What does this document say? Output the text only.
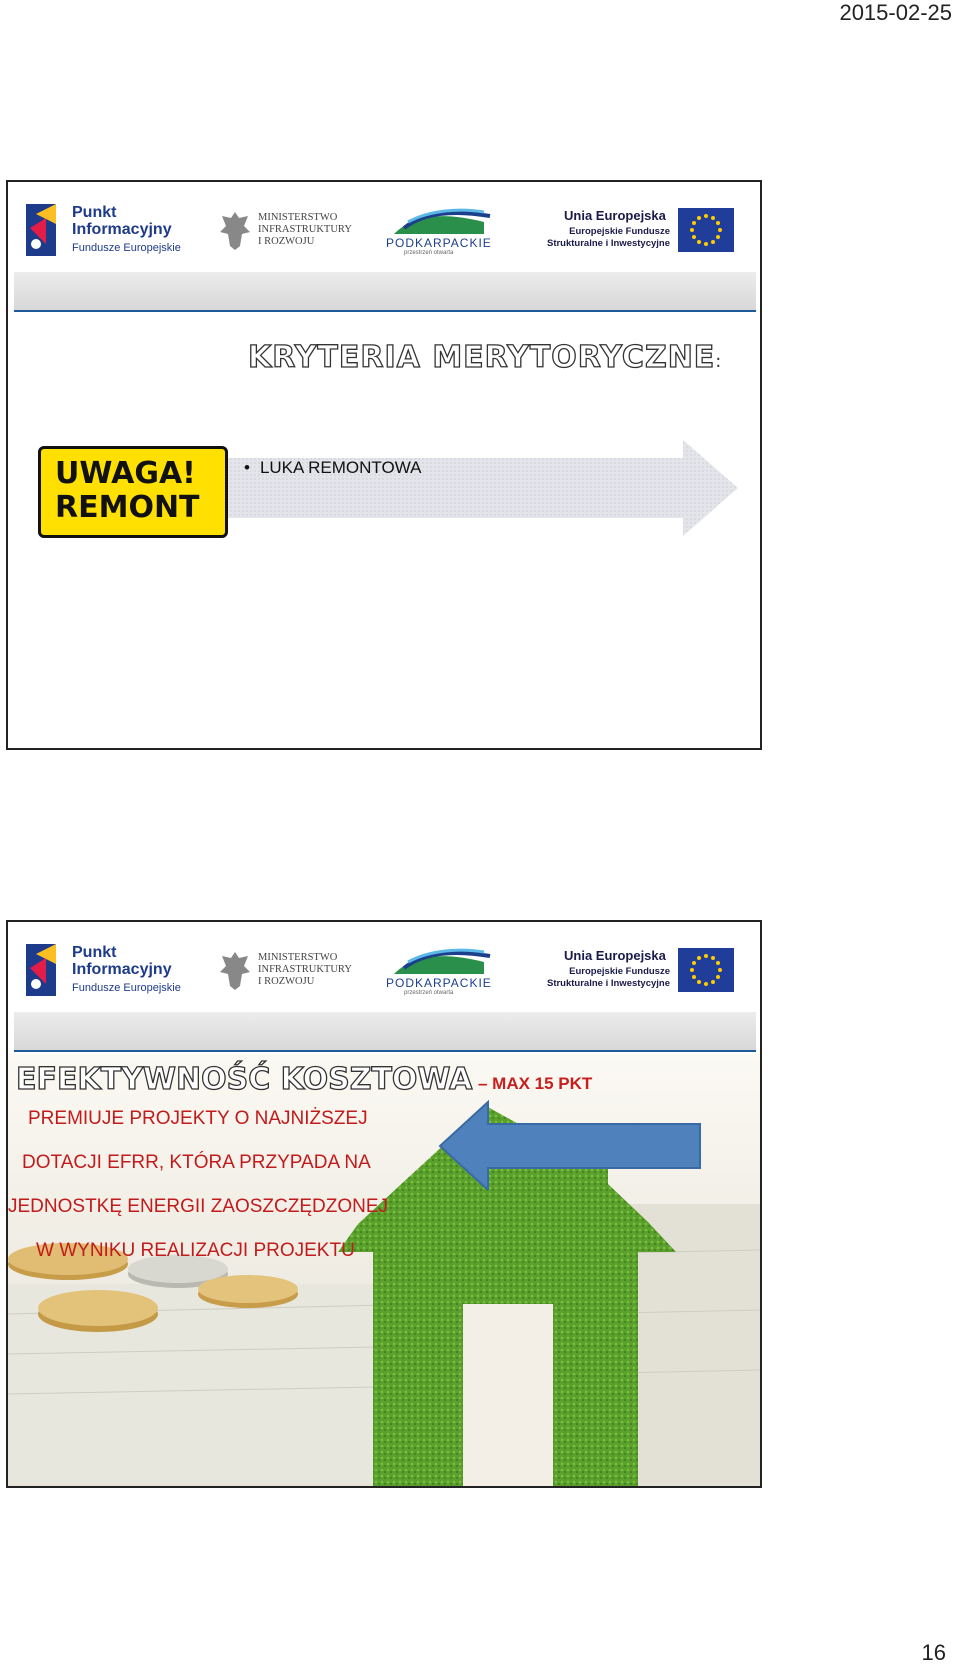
2015-02-25
Punkt
Informacyjny
Fundusze Europejskie
MINISTERSTWO
INFRASTRUKTURY
I ROZWOJU	PODKARPACKIE
przestrzeń otwarta
Unia Europejska
Europejskie Fundusze
Strukturalne i Inwestycyjne
KRYTERIA MERYTORYCZNE:
UWAGA!
REMONT
• LUKA REMONTOWA
Punkt
Informacyjny
Fundusze Europejskie
MINISTERSTWO
INFRASTRUKTURY
I ROZWOJU	PODKARPACKIE
przestrzeń otwarta
Unia Europejska
Europejskie Fundusze
Strukturalne i Inwestycyjne
EFEKTYWNOŚĆ KOSZTOWA – MAX 15 PKT
PREMIUJE PROJEKTY O NAJNIŻSZEJ
DOTACJI EFRR, KTÓRA PRZYPADA NA
JEDNOSTKĘ ENERGII ZAOSZCZĘDZONEJ
W WYNIKU REALIZACJI PROJEKTU
16
